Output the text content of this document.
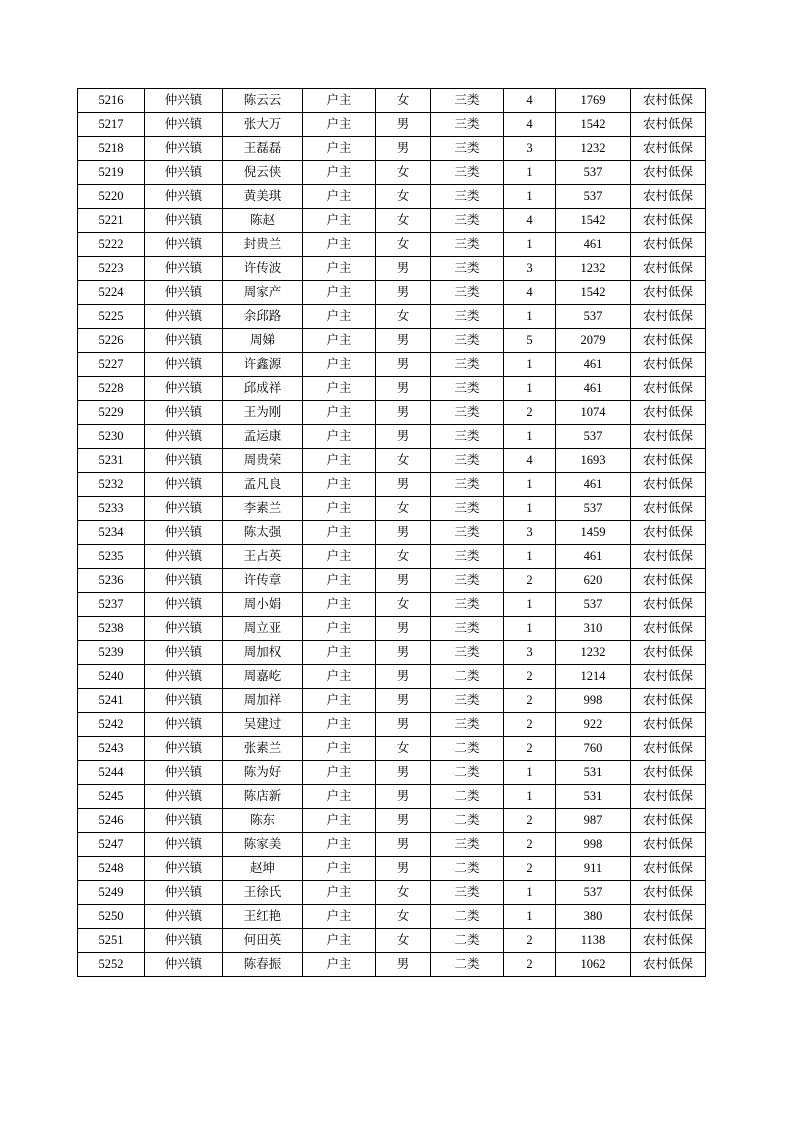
5216	仲兴镇	陈云云	户主	女	三类	4	1769	农村低保
5217	仲兴镇	张大万	户主	男	三类	4	1542	农村低保
5218	仲兴镇	王磊磊	户主	男	三类	3	1232	农村低保
5219	仲兴镇	倪云侠	户主	女	三类	1	537	农村低保
5220	仲兴镇	黄美琪	户主	女	三类	1	537	农村低保
5221	仲兴镇	陈赵	户主	女	三类	4	1542	农村低保
5222	仲兴镇	封贵兰	户主	女	三类	1	461	农村低保
5223	仲兴镇	许传波	户主	男	三类	3	1232	农村低保
5224	仲兴镇	周家产	户主	男	三类	4	1542	农村低保
5225	仲兴镇	余邱路	户主	女	三类	1	537	农村低保
5226	仲兴镇	周娣	户主	男	三类	5	2079	农村低保
5227	仲兴镇	许鑫源	户主	男	三类	1	461	农村低保
5228	仲兴镇	邱成祥	户主	男	三类	1	461	农村低保
5229	仲兴镇	王为刚	户主	男	三类	2	1074	农村低保
5230	仲兴镇	孟运康	户主	男	三类	1	537	农村低保
5231	仲兴镇	周贵荣	户主	女	三类	4	1693	农村低保
5232	仲兴镇	孟凡良	户主	男	三类	1	461	农村低保
5233	仲兴镇	李素兰	户主	女	三类	1	537	农村低保
5234	仲兴镇	陈太强	户主	男	三类	3	1459	农村低保
5235	仲兴镇	王占英	户主	女	三类	1	461	农村低保
5236	仲兴镇	许传章	户主	男	三类	2	620	农村低保
5237	仲兴镇	周小娟	户主	女	三类	1	537	农村低保
5238	仲兴镇	周立亚	户主	男	三类	1	310	农村低保
5239	仲兴镇	周加权	户主	男	三类	3	1232	农村低保
5240	仲兴镇	周嘉屹	户主	男	二类	2	1214	农村低保
5241	仲兴镇	周加祥	户主	男	三类	2	998	农村低保
5242	仲兴镇	吴建过	户主	男	三类	2	922	农村低保
5243	仲兴镇	张素兰	户主	女	二类	2	760	农村低保
5244	仲兴镇	陈为好	户主	男	二类	1	531	农村低保
5245	仲兴镇	陈店新	户主	男	二类	1	531	农村低保
5246	仲兴镇	陈东	户主	男	二类	2	987	农村低保
5247	仲兴镇	陈家美	户主	男	三类	2	998	农村低保
5248	仲兴镇	赵坤	户主	男	二类	2	911	农村低保
5249	仲兴镇	王徐氏	户主	女	三类	1	537	农村低保
5250	仲兴镇	王红艳	户主	女	二类	1	380	农村低保
5251	仲兴镇	何田英	户主	女	二类	2	1138	农村低保
5252	仲兴镇	陈春振	户主	男	二类	2	1062	农村低保
